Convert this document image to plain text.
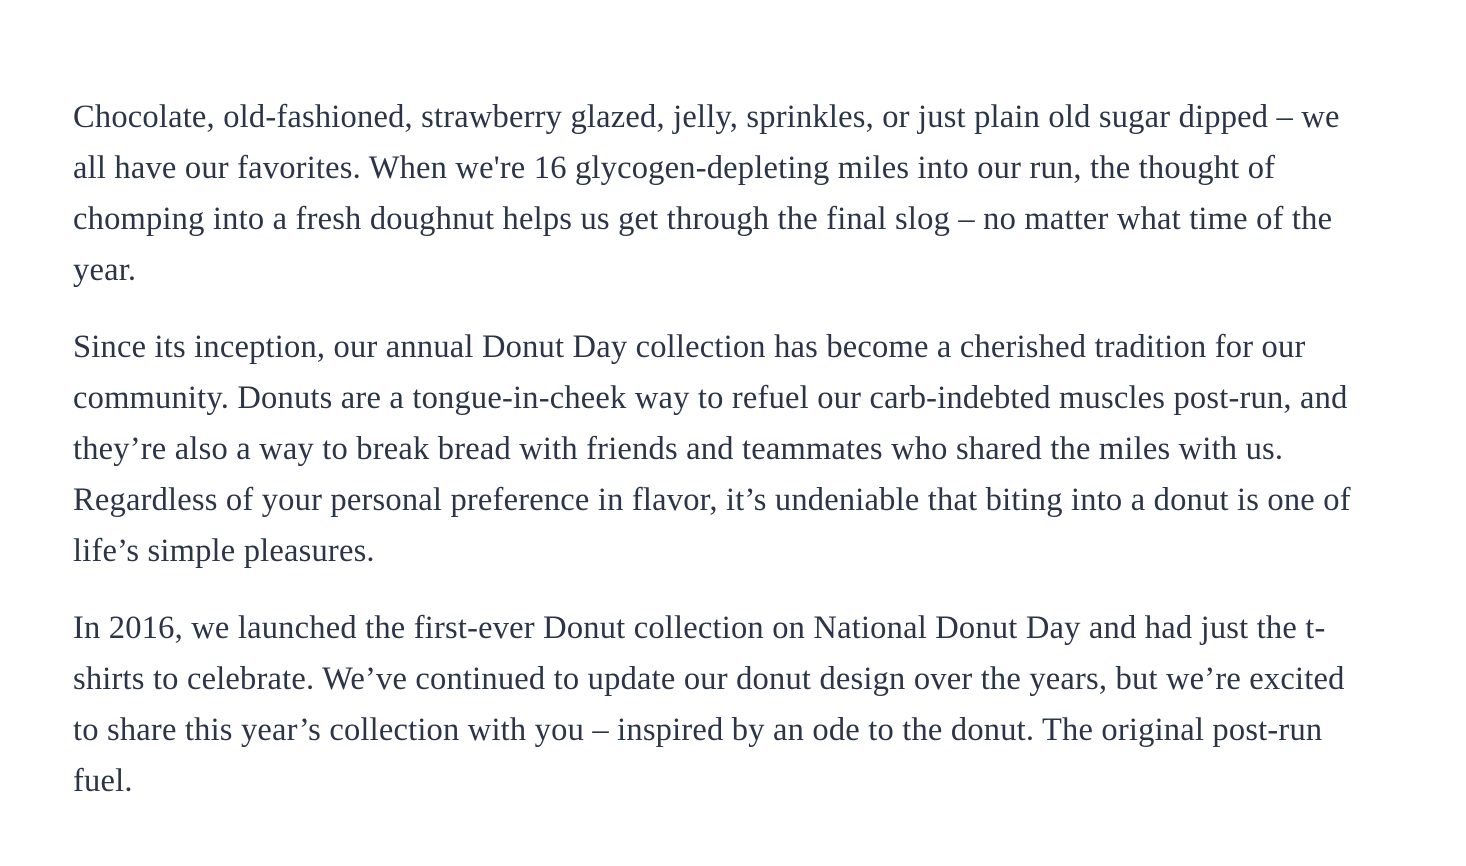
Chocolate, old-fashioned, strawberry glazed, jelly, sprinkles, or just plain old sugar dipped – we all have our favorites. When we're 16 glycogen-depleting miles into our run, the thought of chomping into a fresh doughnut helps us get through the final slog – no matter what time of the year.

Since its inception, our annual Donut Day collection has become a cherished tradition for our community. Donuts are a tongue-in-cheek way to refuel our carb-indebted muscles post-run, and they’re also a way to break bread with friends and teammates who shared the miles with us. Regardless of your personal preference in flavor, it’s undeniable that biting into a donut is one of life’s simple pleasures.

In 2016, we launched the first-ever Donut collection on National Donut Day and had just the t-shirts to celebrate. We’ve continued to update our donut design over the years, but we’re excited to share this year’s collection with you – inspired by an ode to the donut. The original post-run fuel.
